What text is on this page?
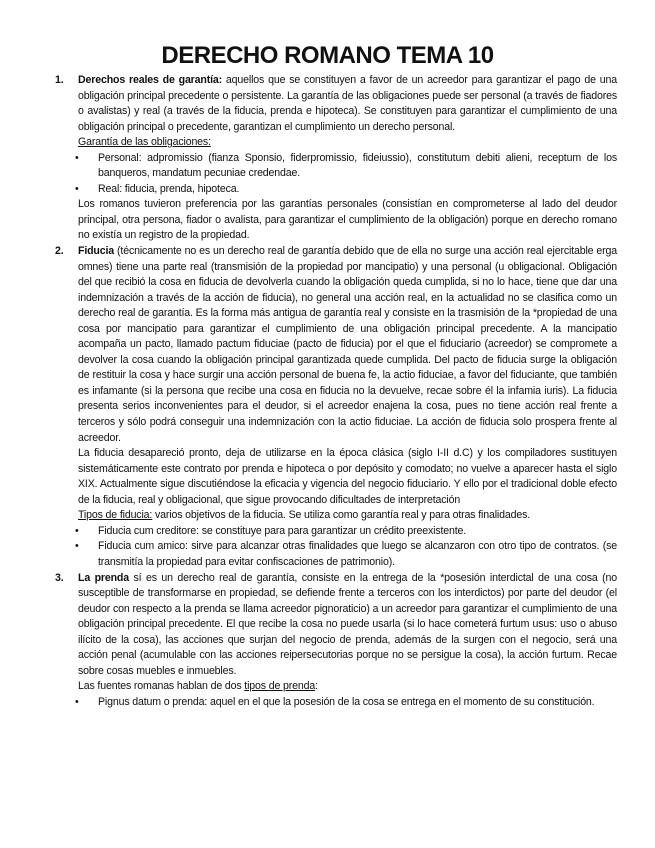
DERECHO ROMANO TEMA 10
1. Derechos reales de garantía: aquellos que se constituyen a favor de un acreedor para garantizar el pago de una obligación principal precedente o persistente. La garantía de las obligaciones puede ser personal (a través de fiadores o avalistas) y real (a través de la fiducia, prenda e hipoteca). Se constituyen para garantizar el cumplimiento de una obligación principal o precedente, garantizan el cumplimiento un derecho personal.

Garantía de las obligaciones:

• Personal: adpromissio (fianza Sponsio, fiderpromissio, fideiussio), constitutum debiti alieni, receptum de los banqueros, mandatum pecuniae credendae.

• Real: fiducia, prenda, hipoteca.

Los romanos tuvieron preferencia por las garantías personales (consistían en comprometerse al lado del deudor principal, otra persona, fiador o avalista, para garantizar el cumplimiento de la obligación) porque en derecho romano no existía un registro de la propiedad.

2. Fiducia (técnicamente no es un derecho real de garantía debido que de ella no surge una acción real ejercitable erga omnes) tiene una parte real (transmisión de la propiedad por mancipatio) y una personal (u obligacional. Obligación del que recibió la cosa en fiducia de devolverla cuando la obligación queda cumplida, si no lo hace, tiene que dar una indemnización a través de la acción de fiducia), no general una acción real, en la actualidad no se clasifica como un derecho real de garantía. Es la forma más antigua de garantía real y consiste en la trasmisión de la *propiedad de una cosa por mancipatio para garantizar el cumplimiento de una obligación principal precedente. A la mancipatio acompaña un pacto, llamado pactum fiduciae (pacto de fiducia) por el que el fiduciario (acreedor) se compromete a devolver la cosa cuando la obligación principal garantizada quede cumplida. Del pacto de fiducia surge la obligación de restituir la cosa y hace surgir una acción personal de buena fe, la actio fiduciae, a favor del fiduciante, que también es infamante (si la persona que recibe una cosa en fiducia no la devuelve, recae sobre él la infamia iuris). La fiducia presenta serios inconvenientes para el deudor, si el acreedor enajena la cosa, pues no tiene acción real frente a terceros y sólo podrá conseguir una indemnización con la actio fiduciae. La acción de fiducia solo prospera frente al acreedor.

La fiducia desapareció pronto, deja de utilizarse en la época clásica (siglo I-II d.C) y los compiladores sustituyen sistemáticamente este contrato por prenda e hipoteca o por depósito y comodato; no vuelve a aparecer hasta el siglo XIX. Actualmente sigue discutiéndose la eficacia y vigencia del negocio fiduciario. Y ello por el tradicional doble efecto de la fiducia, real y obligacional, que sigue provocando dificultades de interpretación

Tipos de fiducia: varios objetivos de la fiducia. Se utiliza como garantía real y para otras finalidades.

• Fiducia cum creditore: se constituye para para garantizar un crédito preexistente.

• Fiducia cum amico: sirve para alcanzar otras finalidades que luego se alcanzaron con otro tipo de contratos. (se transmitía la propiedad para evitar confiscaciones de patrimonio).

3. La prenda sí es un derecho real de garantía, consiste en la entrega de la *posesión interdictal de una cosa (no susceptible de transformarse en propiedad, se defiende frente a terceros con los interdictos) por parte del deudor (el deudor con respecto a la prenda se llama acreedor pignoraticio) a un acreedor para garantizar el cumplimiento de una obligación principal precedente. El que recibe la cosa no puede usarla (si lo hace cometerá furtum usus: uso o abuso ilícito de la cosa), las acciones que surjan del negocio de prenda, además de la surgen con el negocio, será una acción penal (acumulable con las acciones reipersecutorias porque no se persigue la cosa), la acción furtum. Recae sobre cosas muebles e inmuebles.

Las fuentes romanas hablan de dos tipos de prenda:

• Pignus datum o prenda: aquel en el que la posesión de la cosa se entrega en el momento de su constitución.
